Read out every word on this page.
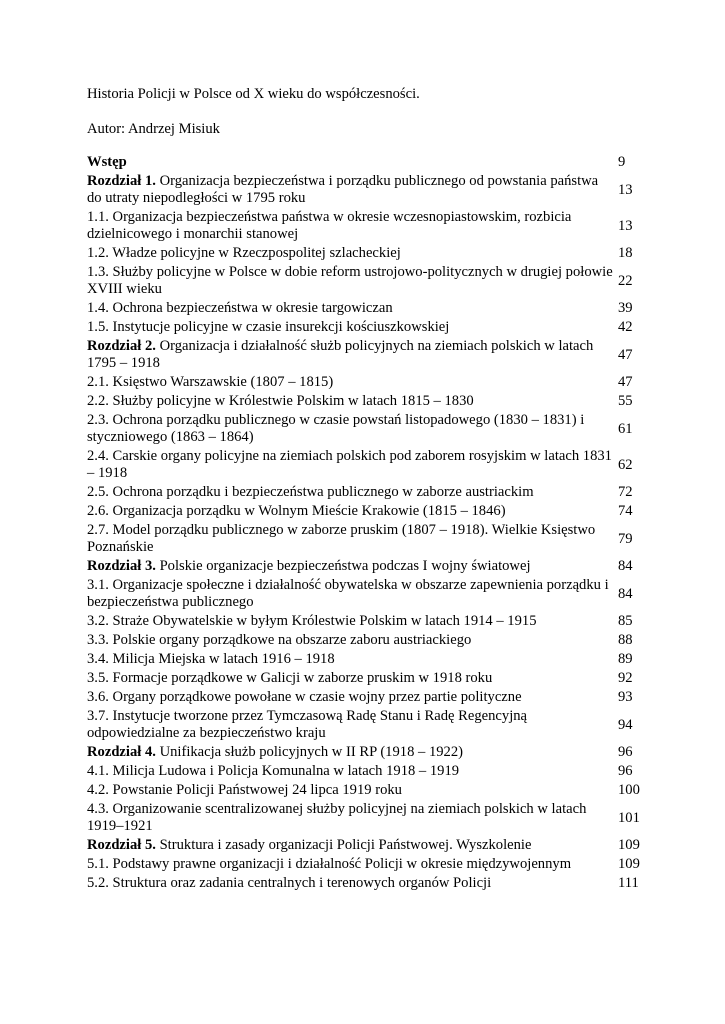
Historia Policji w Polsce od X wieku do współczesności.
Autor: Andrzej Misiuk
Wstęp	9
Rozdział 1. Organizacja bezpieczeństwa i porządku publicznego od powstania państwa do utraty niepodległości w 1795 roku
13
1.1. Organizacja bezpieczeństwa państwa w okresie wczesnopiastowskim, rozbicia dzielnicowego i monarchii stanowej
13
1.2. Władze policyjne w Rzeczpospolitej szlacheckiej	18
1.3. Służby policyjne w Polsce w dobie reform ustrojowo-politycznych w drugiej połowie XVIII wieku
22
1.4. Ochrona bezpieczeństwa w okresie targowiczan	39
1.5. Instytucje policyjne w czasie insurekcji kościuszkowskiej	42
Rozdział 2. Organizacja i działalność służb policyjnych na ziemiach polskich w latach 1795 – 1918
47
2.1. Księstwo Warszawskie (1807 – 1815)	47
2.2. Służby policyjne w Królestwie Polskim w latach 1815 – 1830	55
2.3. Ochrona porządku publicznego w czasie powstań listopadowego (1830 – 1831) i styczniowego (1863 – 1864)
61
2.4. Carskie organy policyjne na ziemiach polskich pod zaborem rosyjskim w latach 1831 – 1918
62
2.5. Ochrona porządku i bezpieczeństwa publicznego w zaborze austriackim	72
2.6. Organizacja porządku w Wolnym Mieście Krakowie (1815 – 1846)	74
2.7. Model porządku publicznego w zaborze pruskim (1807 – 1918). Wielkie Księstwo Poznańskie
79
Rozdział 3. Polskie organizacje bezpieczeństwa podczas I wojny światowej	84
3.1. Organizacje społeczne i działalność obywatelska w obszarze zapewnienia porządku i bezpieczeństwa publicznego
84
3.2. Straże Obywatelskie w byłym Królestwie Polskim w latach 1914 – 1915	85
3.3. Polskie organy porządkowe na obszarze zaboru austriackiego	88
3.4. Milicja Miejska w latach 1916 – 1918	89
3.5. Formacje porządkowe w Galicji w zaborze pruskim w 1918 roku	92
3.6. Organy porządkowe powołane w czasie wojny przez partie polityczne	93
3.7. Instytucje tworzone przez Tymczasową Radę Stanu i Radę Regencyjną odpowiedzialne za bezpieczeństwo kraju
94
Rozdział 4. Unifikacja służb policyjnych w II RP (1918 – 1922)	96
4.1. Milicja Ludowa i Policja Komunalna w latach 1918 – 1919	96
4.2. Powstanie Policji Państwowej 24 lipca 1919 roku	100
4.3. Organizowanie scentralizowanej służby policyjnej na ziemiach polskich w latach 1919–1921
101
Rozdział 5. Struktura i zasady organizacji Policji Państwowej. Wyszkolenie	109
5.1. Podstawy prawne organizacji i działalność Policji w okresie międzywojennym	109
5.2. Struktura oraz zadania centralnych i terenowych organów Policji	111
